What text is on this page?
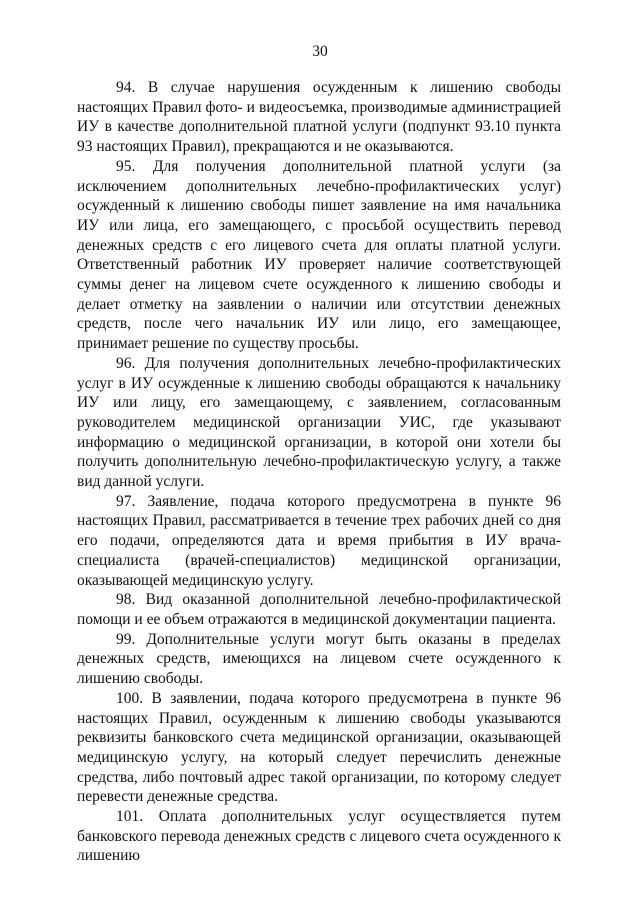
30

94. В случае нарушения осужденным к лишению свободы настоящих Правил фото- и видеосъемка, производимые администрацией ИУ в качестве дополнительной платной услуги (подпункт 93.10 пункта 93 настоящих Правил), прекращаются и не оказываются.

95. Для получения дополнительной платной услуги (за исключением дополнительных лечебно-профилактических услуг) осужденный к лишению свободы пишет заявление на имя начальника ИУ или лица, его замещающего, с просьбой осуществить перевод денежных средств с его лицевого счета для оплаты платной услуги. Ответственный работник ИУ проверяет наличие соответствующей суммы денег на лицевом счете осужденного к лишению свободы и делает отметку на заявлении о наличии или отсутствии денежных средств, после чего начальник ИУ или лицо, его замещающее, принимает решение по существу просьбы.

96. Для получения дополнительных лечебно-профилактических услуг в ИУ осужденные к лишению свободы обращаются к начальнику ИУ или лицу, его замещающему, с заявлением, согласованным руководителем медицинской организации УИС, где указывают информацию о медицинской организации, в которой они хотели бы получить дополнительную лечебно-профилактическую услугу, а также вид данной услуги.

97. Заявление, подача которого предусмотрена в пункте 96 настоящих Правил, рассматривается в течение трех рабочих дней со дня его подачи, определяются дата и время прибытия в ИУ врача-специалиста (врачей-специалистов) медицинской организации, оказывающей медицинскую услугу.

98. Вид оказанной дополнительной лечебно-профилактической помощи и ее объем отражаются в медицинской документации пациента.

99. Дополнительные услуги могут быть оказаны в пределах денежных средств, имеющихся на лицевом счете осужденного к лишению свободы.

100. В заявлении, подача которого предусмотрена в пункте 96 настоящих Правил, осужденным к лишению свободы указываются реквизиты банковского счета медицинской организации, оказывающей медицинскую услугу, на который следует перечислить денежные средства, либо почтовый адрес такой организации, по которому следует перевести денежные средства.

101. Оплата дополнительных услуг осуществляется путем банковского перевода денежных средств с лицевого счета осужденного к лишению
